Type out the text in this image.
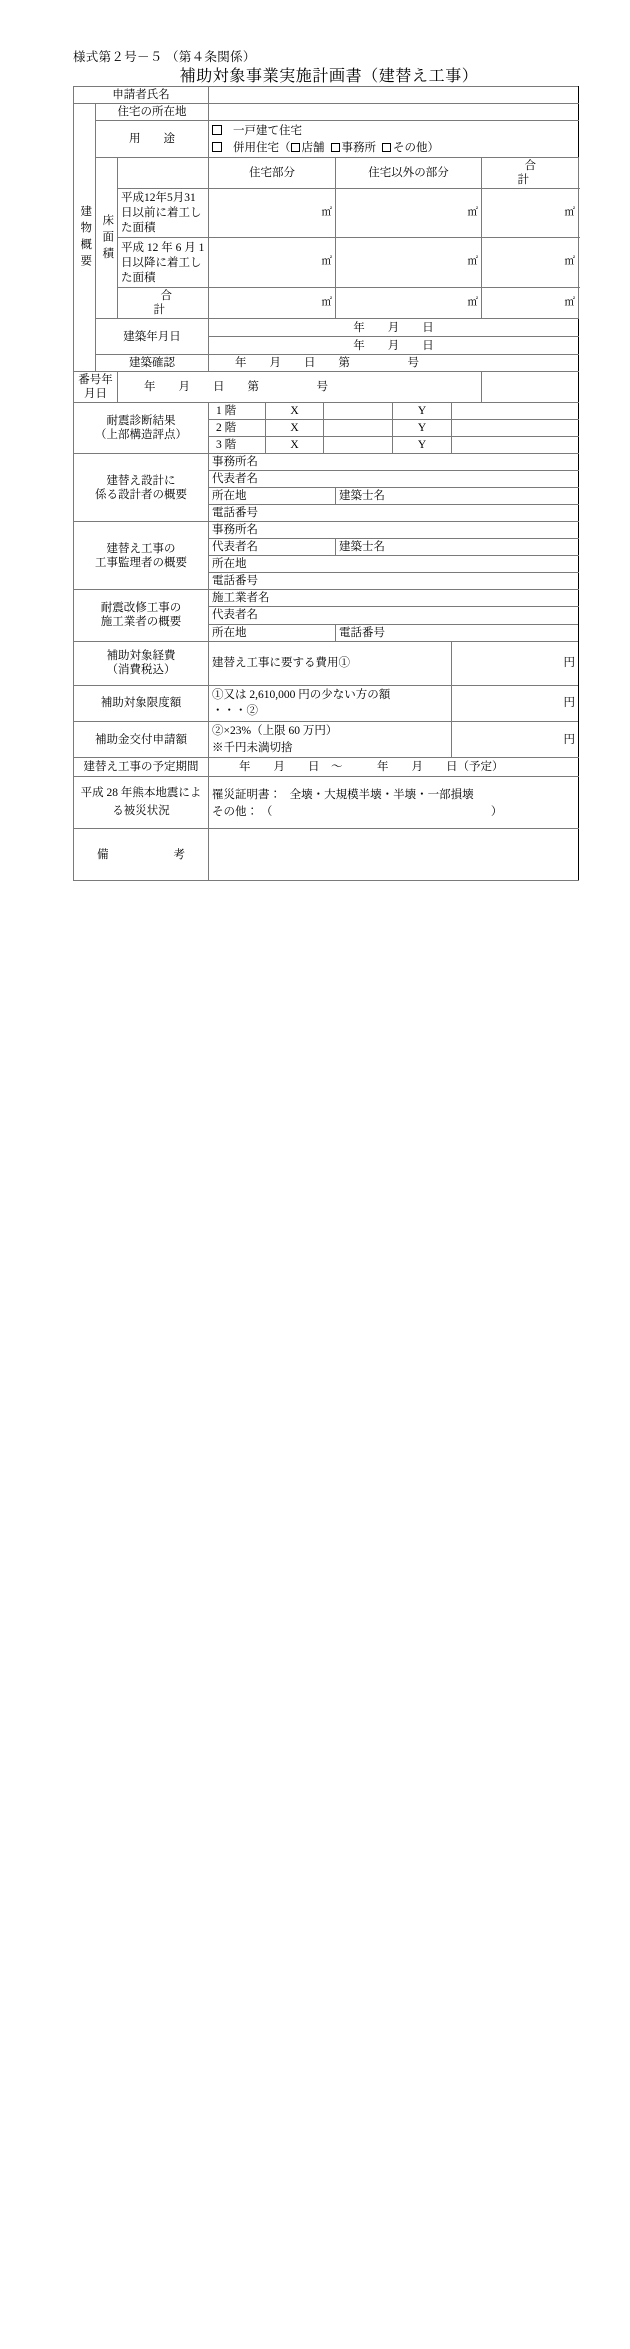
様式第２号－５ （第４条関係）
補助対象事業実施計画書（建替え工事）
申請者氏名									

建物概要	住宅の所在地								
	用　　途		一戸建て住宅
併用住宅（ 店舗 事務所 その他）						

	床面積		住宅部分			住宅以外の部分			合　　計
		平成12年5月31日以前に着工した面積	㎡			㎡			㎡
		平成 12 年 6 月 1 日以降に着工した面積	㎡			㎡			㎡
		合　　計	㎡			㎡			㎡
	建築年月日		年　　月　　日						
			年　　月　　日						
	建築確認		年　　月　　日　　第　　　　　号						
番号年月日		年　　月　　日　　第　　　　　号							

耐震診断結果
（上部構造評点）			1 階	X			Y		
			2 階	X			Y		
			3 階	X			Y		

建替え設計に
係る設計者の概要			事務所名						
			代表者名						
			所在地			建築士名			
			電話番号						

建替え工事の
工事監理者の概要			事務所名						
			代表者名			建築士名			
			所在地						
			電話番号						

耐震改修工事の
施工業者の概要			施工業者名						
			代表者名						
			所在地			電話番号			

補助対象経費
（消費税込）			建替え工事に要する費用①					円	
補助対象限度額			①又は 2,610,000 円の少ない方の額
・・・②					円	
補助金交付申請額			②×23%（上限 60 万円）
※千円未満切捨					円	
建替え工事の予定期間			年　　月　　日　～　　　年　　月　　日（予定）						

平成 28 年熊本地震によ
る被災状況

罹災証明書 ：　全壊・大規模半壊・半壊・一部損壊
その他 ：　（　　　　　　　　　　　　　　　　　　　）

備　　考									
